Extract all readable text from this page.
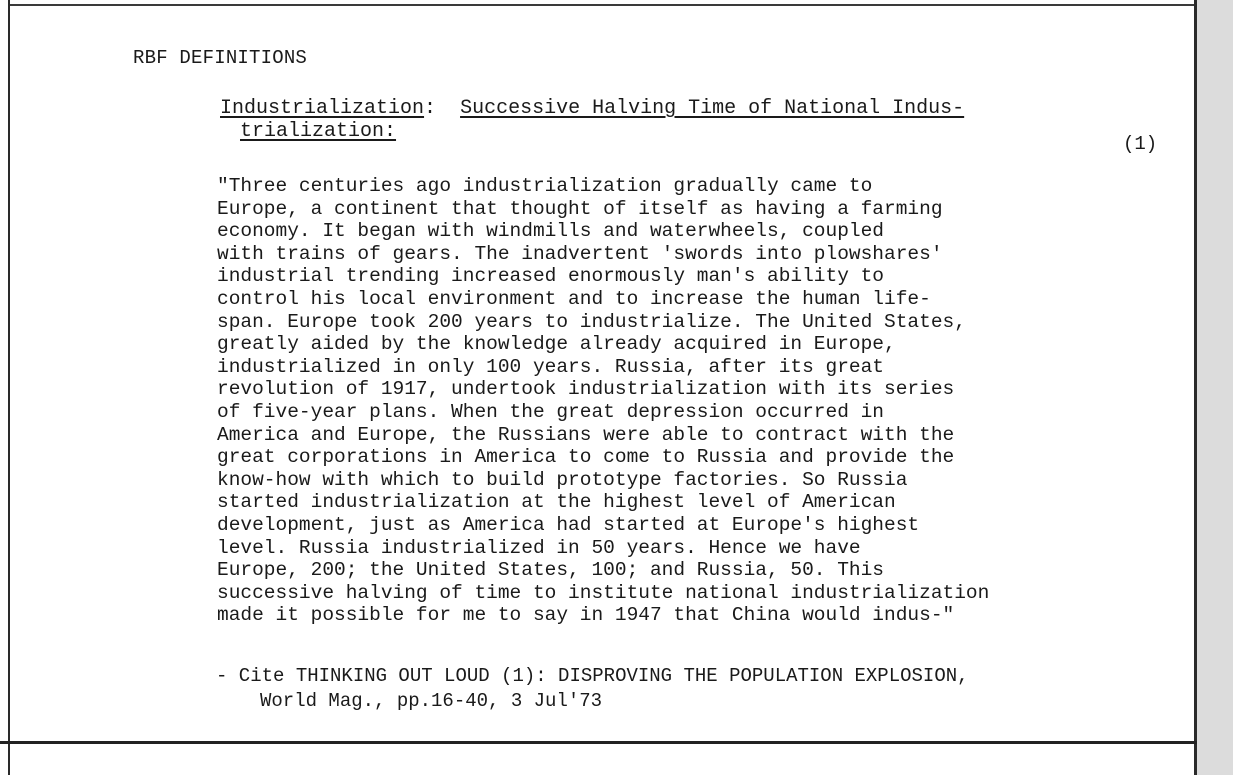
RBF DEFINITIONS
Industrialization:  Successive Halving Time of National Indus-
trialization:
(1)
"Three centuries ago industrialization gradually came to
Europe, a continent that thought of itself as having a farming
economy. It began with windmills and waterwheels, coupled
with trains of gears. The inadvertent 'swords into plowshares'
industrial trending increased enormously man's ability to
control his local environment and to increase the human life-
span. Europe took 200 years to industrialize. The United States,
greatly aided by the knowledge already acquired in Europe,
industrialized in only 100 years. Russia, after its great
revolution of 1917, undertook industrialization with its series
of five-year plans. When the great depression occurred in
America and Europe, the Russians were able to contract with the
great corporations in America to come to Russia and provide the
know-how with which to build prototype factories. So Russia
started industrialization at the highest level of American
development, just as America had started at Europe's highest
level. Russia industrialized in 50 years. Hence we have
Europe, 200; the United States, 100; and Russia, 50. This
successive halving of time to institute national industrialization
made it possible for me to say in 1947 that China would indus-"
- Cite THINKING OUT LOUD (1): DISPROVING THE POPULATION EXPLOSION,
World Mag., pp.16-40, 3 Jul'73
